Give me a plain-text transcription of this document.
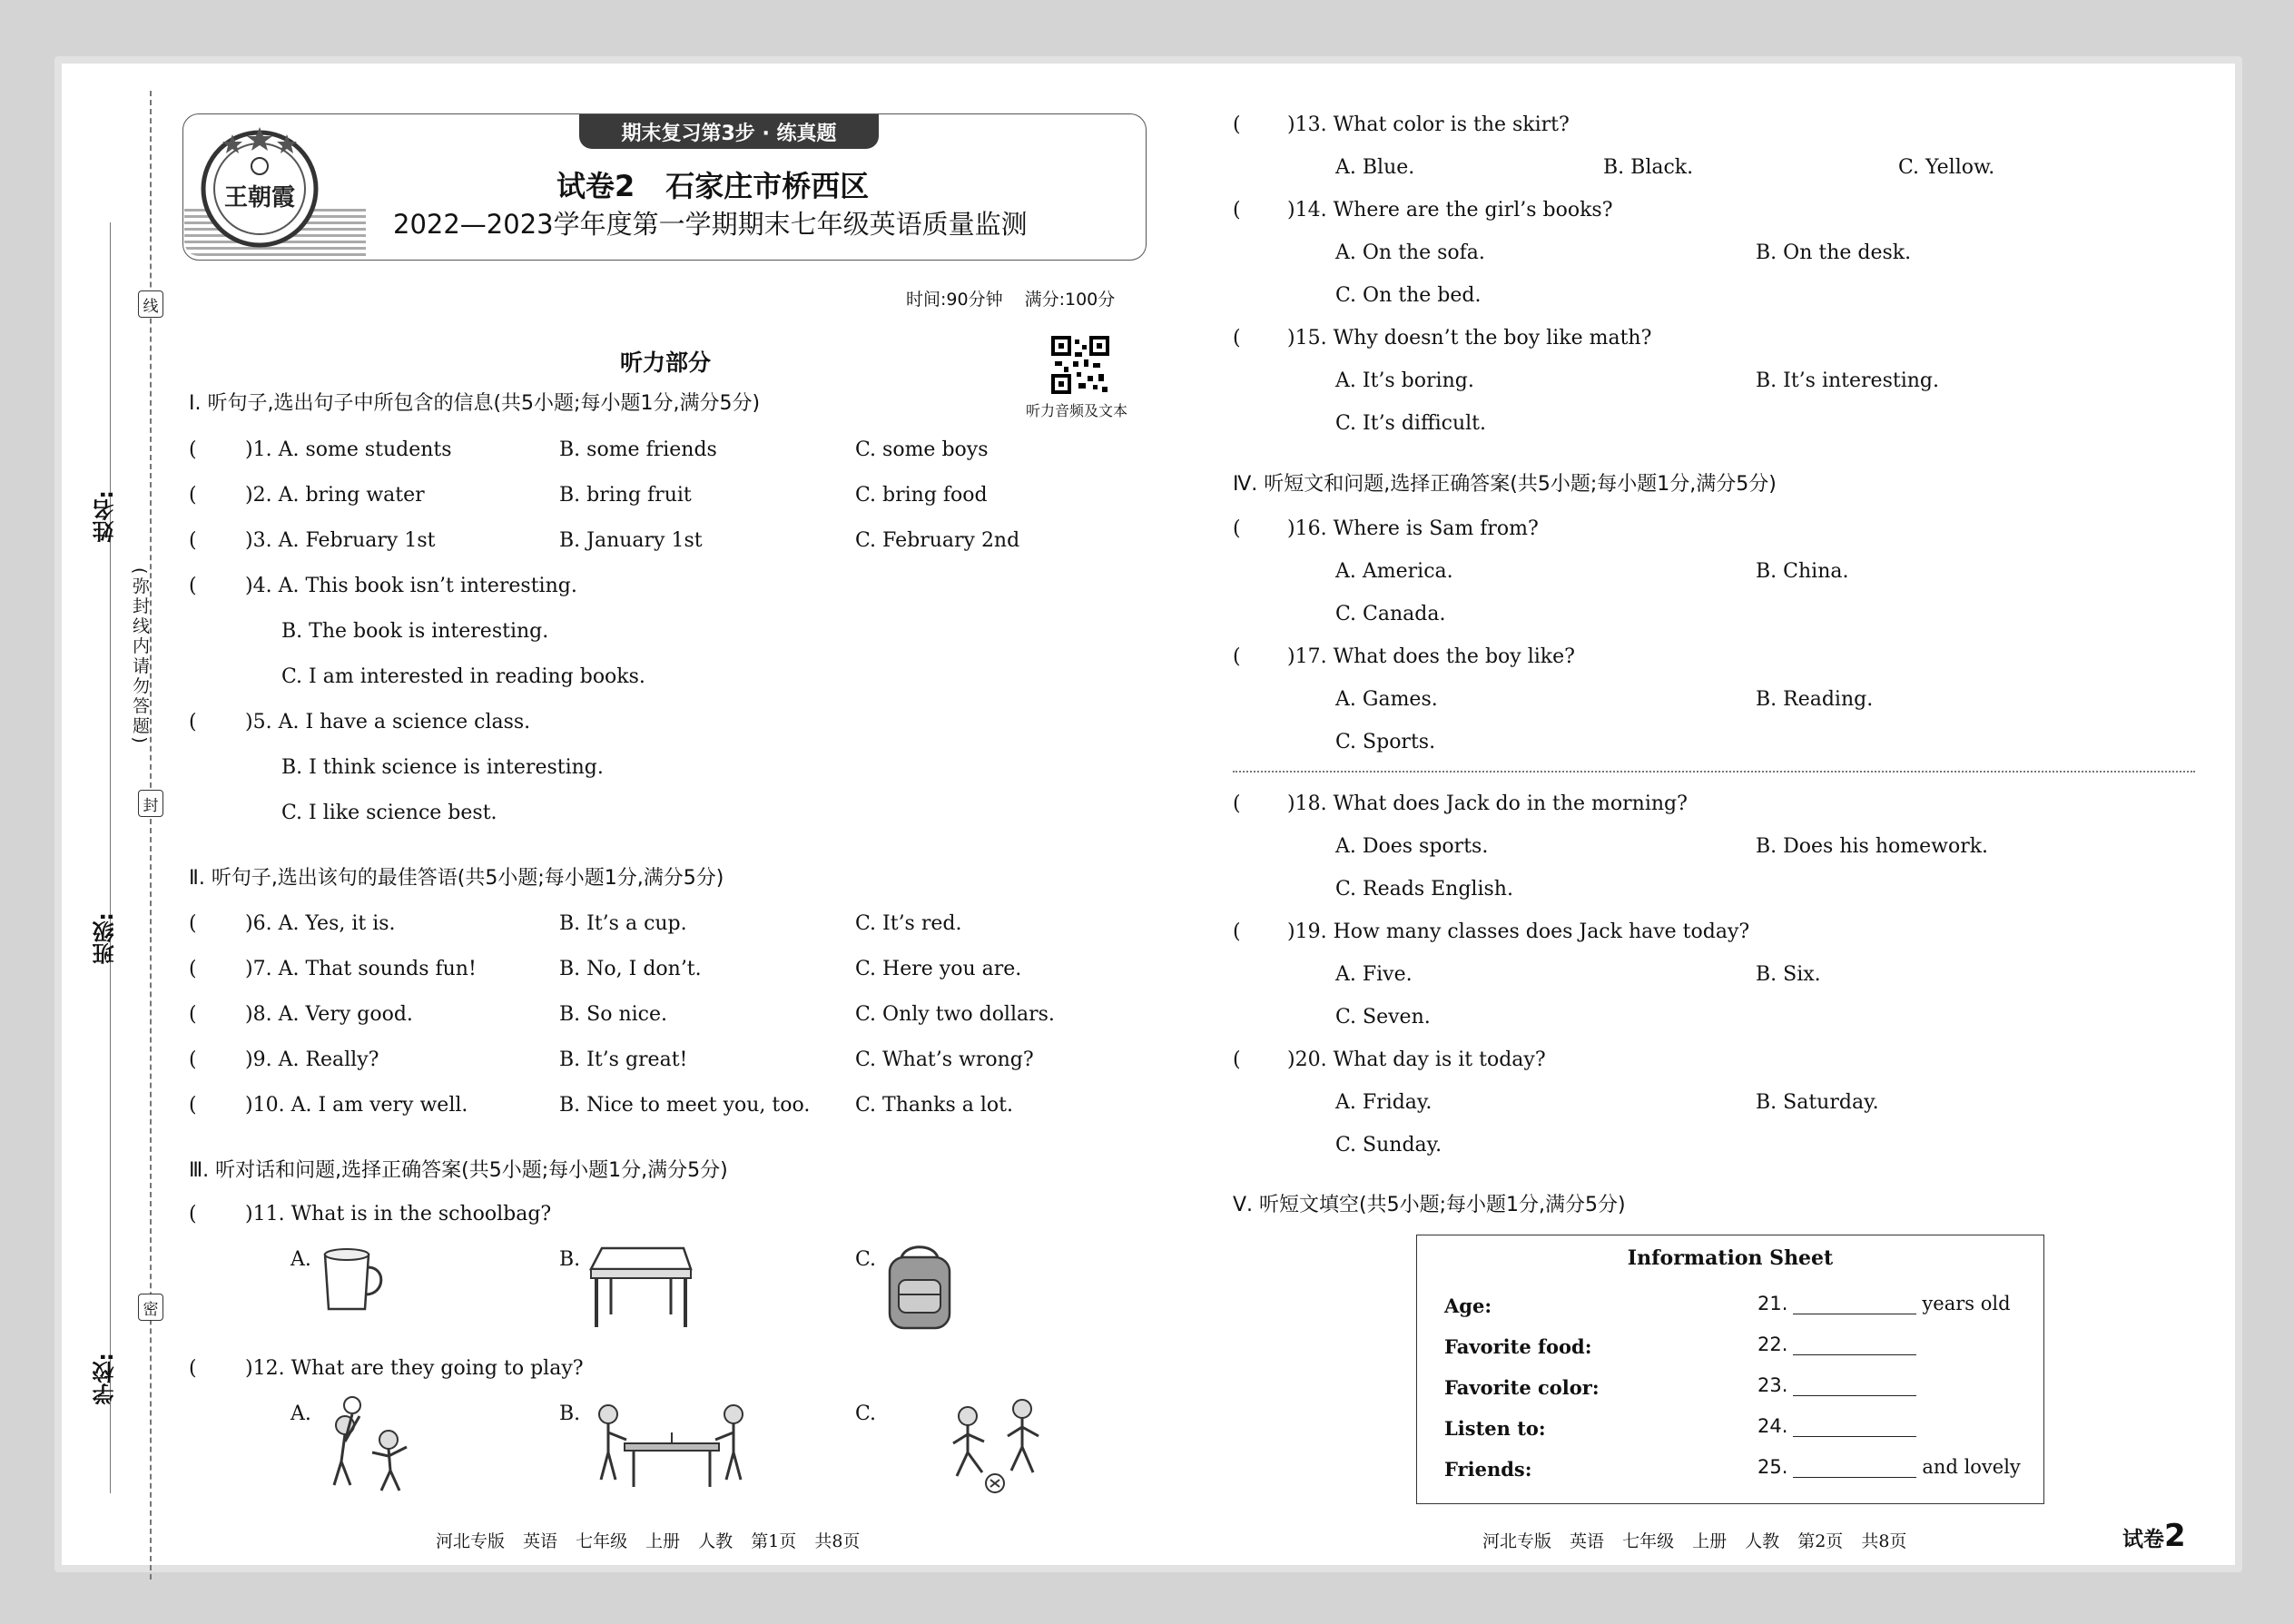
线
封
密
(弥封线内请勿答题)
姓名:
班级:
学校:
期末复习第3步 · 练真题
王朝霞	试卷2 石家庄市桥西区
2022—2023学年度第一学期期末七年级英语质量监测
时间:90分钟 满分:100分
听力部分
听力音频及文本
Ⅰ. 听句子,选出句子中所包含的信息(共5小题;每小题1分,满分5分)
( )1. A. some students	B. some friends	C. some boys
( )2. A. bring water	B. bring fruit	C. bring food
( )3. A. February 1st	B. January 1st	C. February 2nd
( )4. A. This book isn’t interesting.
B. The book is interesting.
C. I am interested in reading books.
( )5. A. I have a science class.
B. I think science is interesting.
C. I like science best.
Ⅱ. 听句子,选出该句的最佳答语(共5小题;每小题1分,满分5分)
( )6. A. Yes, it is.	B. It’s a cup.	C. It’s red.
( )7. A. That sounds fun!	B. No, I don’t.	C. Here you are.
( )8. A. Very good.	B. So nice.	C. Only two dollars.
( )9. A. Really?	B. It’s great!	C. What’s wrong?
( )10. A. I am very well.	B. Nice to meet you, too. C. Thanks a lot.
Ⅲ. 听对话和问题,选择正确答案(共5小题;每小题1分,满分5分)
( )11. What is in the schoolbag?
A.	B.	C.
( )12. What are they going to play?
A.	B.	C.
( )13. What color is the skirt?
A. Blue.	B. Black.	C. Yellow.
( )14. Where are the girl’s books?
A. On the sofa.	B. On the desk.
C. On the bed.
( )15. Why doesn’t the boy like math?
A. It’s boring.	B. It’s interesting.
C. It’s difficult.
Ⅳ. 听短文和问题,选择正确答案(共5小题;每小题1分,满分5分)
( )16. Where is Sam from?
A. America.	B. China.
C. Canada.
( )17. What does the boy like?
A. Games.	B. Reading.
C. Sports.
( )18. What does Jack do in the morning?
A. Does sports.	B. Does his homework.
C. Reads English.
( )19. How many classes does Jack have today?
A. Five.	B. Six.
C. Seven.
( )20. What day is it today?
A. Friday.	B. Saturday.
C. Sunday.
Ⅴ. 听短文填空(共5小题;每小题1分,满分5分)
Information Sheet
Age:	21.	years old
Favorite food:	22.
Favorite color:	23.
Listen to:	24.
Friends:	25.	and lovely
河北专版 英语 七年级 上册 人教 第1页 共8页	河北专版 英语 七年级 上册 人教 第2页 共8页	试卷2
